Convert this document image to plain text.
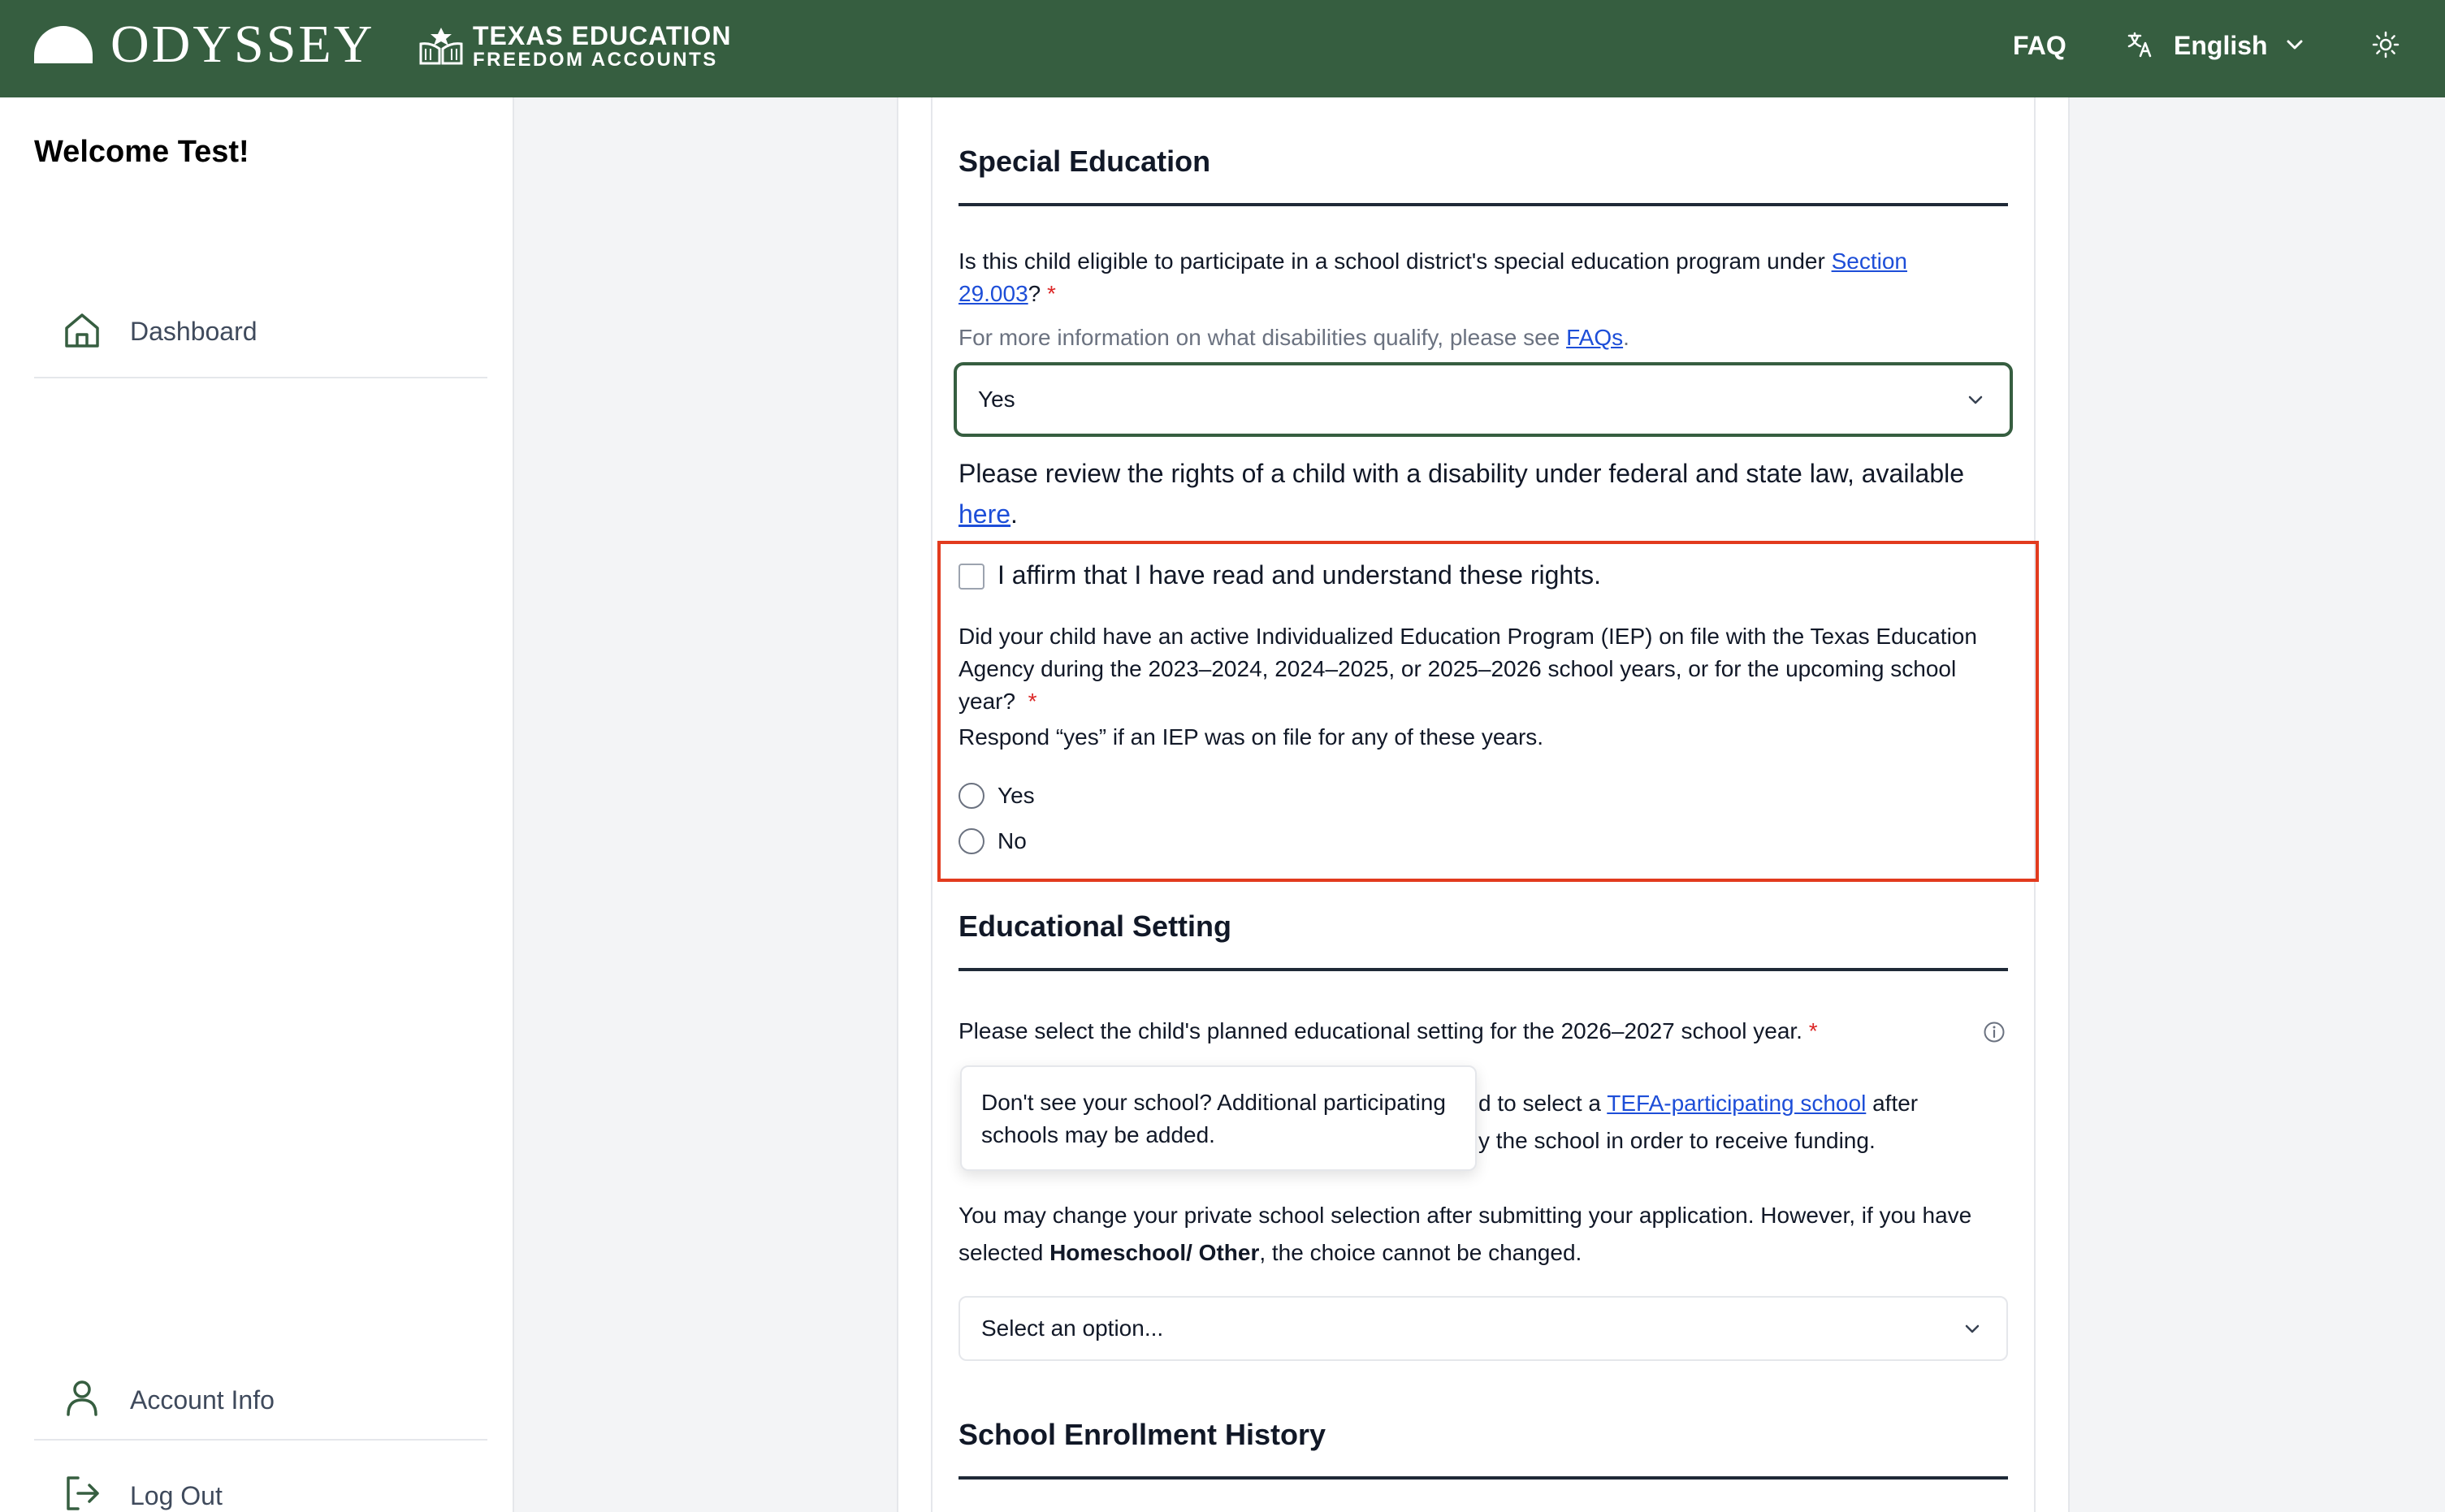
ODYSSEY	TEXAS EDUCATION
FREEDOM ACCOUNTS	FAQ	English
Welcome Test!
Dashboard
Account Info
Log Out
Special Education
Is this child eligible to participate in a school district's special education program under Section 29.003? *
For more information on what disabilities qualify, please see FAQs.
Yes
Please review the rights of a child with a disability under federal and state law, available here.
I affirm that I have read and understand these rights.
Did your child have an active Individualized Education Program (IEP) on file with the Texas Education Agency during the 2023–2024, 2024–2025, or 2025–2026 school years, or for the upcoming school year? *
Respond “yes” if an IEP was on file for any of these years.
Yes
No
Educational Setting
Please select the child's planned educational setting for the 2026–2027 school year. *
d to select a TEFA-participating school after
y the school in order to receive funding.
You may change your private school selection after submitting your application. However, if you have selected Homeschool/ Other, the choice cannot be changed.
Select an option...
Don't see your school? Additional participating schools may be added.
School Enrollment History
